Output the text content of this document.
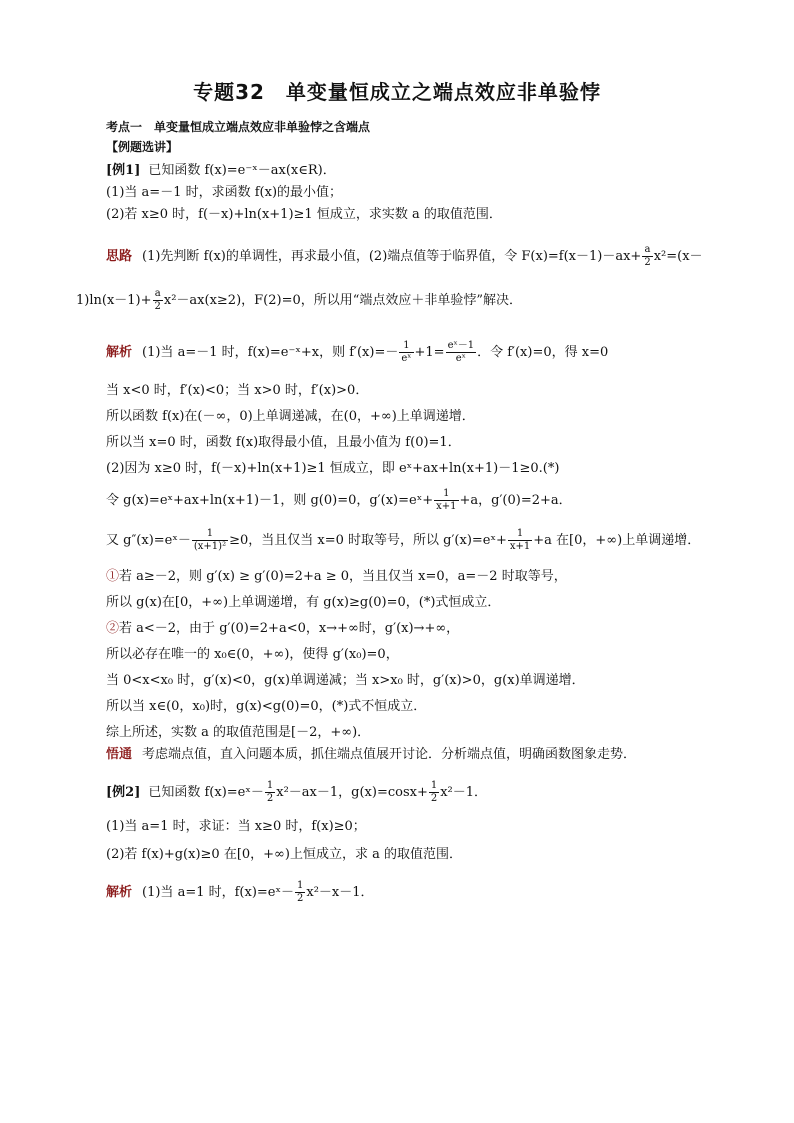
专题32　单变量恒成立之端点效应非单验悖
考点一　单变量恒成立端点效应非单验悖之含端点
【例题选讲】
[例1] 已知函数 f(x)=e⁻ˣ－ax(x∈R)．
(1)当 a=－1 时，求函数 f(x)的最小值；
(2)若 x≥0 时，f(－x)+ln(x+1)≥1 恒成立，求实数 a 的取值范围．
思路 (1)先判断 f(x)的单调性，再求最小值，(2)端点值等于临界值，令 $F(x)=f(x-1)-ax+ \frac{a}{2} x^2=(x-$
$1)\ln(x-1)+ \frac{a}{2} x^2-ax(x\ge 2)$，F(2)=0，所以用“端点效应＋非单验悖”解决．
解析 (1)当 a=－1 时，f(x)=e⁻ˣ+x，则 $f'(x)=- \frac{1}{\text{eˣ}} +1= \frac{\text{eˣ－1}}{\text{eˣ}}$ ．令 f′(x)=0，得 x=0
当 x<0 时，f′(x)<0；当 x>0 时，f′(x)>0．
所以函数 f(x)在(－∞，0)上单调递减，在(0，+∞)上单调递增．
所以当 x=0 时，函数 f(x)取得最小值，且最小值为 f(0)=1．
(2)因为 x≥0 时，f(－x)+ln(x+1)≥1 恒成立，即 eˣ+ax+ln(x+1)－1≥0.(*)
令 g(x)=eˣ+ax+ln(x+1)－1，则 g(0)=0，g′(x)=eˣ+ $\frac{1}{x+1} +a$，g′(0)=2+a．
又 g″(x)=eˣ－ $\frac{1}{\text{(x+1)²}} \ge 0$，当且仅当 x=0 时取等号，所以 g′(x)=eˣ+ $\frac{1}{x+1} +a$ 在[0，+∞)上单调递增．
①若 a≥－2，则 g′(x) ≥ g′(0)=2+a ≥ 0，当且仅当 x=0，a=－2 时取等号，
所以 g(x)在[0，+∞)上单调递增，有 g(x)≥g(0)=0，(*)式恒成立．
②若 a<－2，由于 g′(0)=2+a<0，x→+∞时，g′(x)→+∞，
所以必存在唯一的 x₀∈(0，+∞)，使得 g′(x₀)=0，
当 0<x<x₀ 时，g′(x)<0，g(x)单调递减；当 x>x₀ 时，g′(x)>0，g(x)单调递增．
所以当 x∈(0，x₀)时，g(x)<g(0)=0，(*)式不恒成立．
综上所述，实数 a 的取值范围是[－2，+∞)．
悟通 考虑端点值，直入问题本质，抓住端点值展开讨论．分析端点值，明确函数图象走势．
[例2] 已知函数 f(x)=eˣ－ $\frac{1}{2} x^2-ax-1$，$g(x)=\cos x+ \frac{1}{2} x^2-1$．
(1)当 a=1 时，求证：当 x≥0 时，f(x)≥0；
(2)若 f(x)+g(x)≥0 在[0，+∞)上恒成立，求 a 的取值范围．
解析 (1)当 a=1 时，f(x)=eˣ－ $\frac{1}{2} x^2-x-1$．
